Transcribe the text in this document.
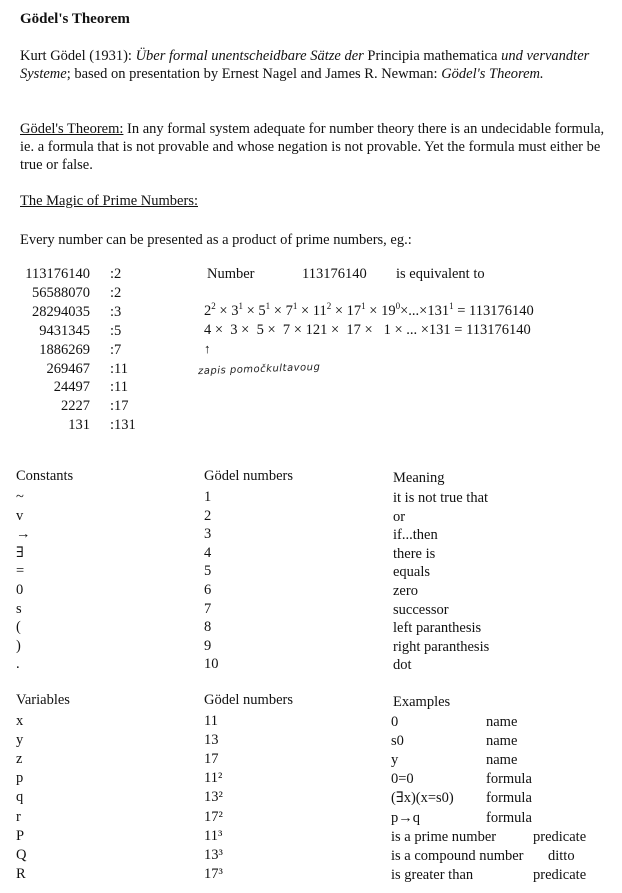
Gödel's Theorem
Kurt Gödel (1931): Über formal unentscheidbare Sätze der Principia mathematica und vervandter Systeme; based on presentation by Ernest Nagel and James R. Newman: Gödel's Theorem.
Gödel's Theorem: In any formal system adequate for number theory there is an undecidable formula, ie. a formula that is not provable and whose negation is not provable. Yet the formula must either be true or false.
The Magic of Prime Numbers:
Every number can be presented as a product of prime numbers, eg.:
113176140 :2
56588070 :2
28294035 :3
9431345 :5
1886269 :7
269467 :11
24497 :11
2227 :17
131 :131
Number	113176140 is equivalent to
$2^2 \times 3^1 \times 5^1 \times 7^1 \times 11^2 \times 17^1 \times 19^0\times...\times 131^1 = 113176140$
4 ×  3 ×  5 ×  7 × 121 ×  17 ×   1 × ... ×131 = 113176140
↑
zapis pomočkultavoug
Constants	Gödel numbers	Meaning
~	1	it is not true that
v	2	or
→	3	if...then
∃	4	there is
=	5	equals
0	6	zero
s	7	successor
(	8	left paranthesis
)	9	right paranthesis
.	10	dot
Variables	Gödel numbers	Examples
x	11	0	name
y	13	s0	name
z	17	y	name
p	11²	0=0	formula
q	13²	(∃x)(x=s0) formula
r	17²	p→q	formula
P	11³	is a prime number	predicate
Q	13³	is a compound number ditto
R	17³	is greater than	predicate
